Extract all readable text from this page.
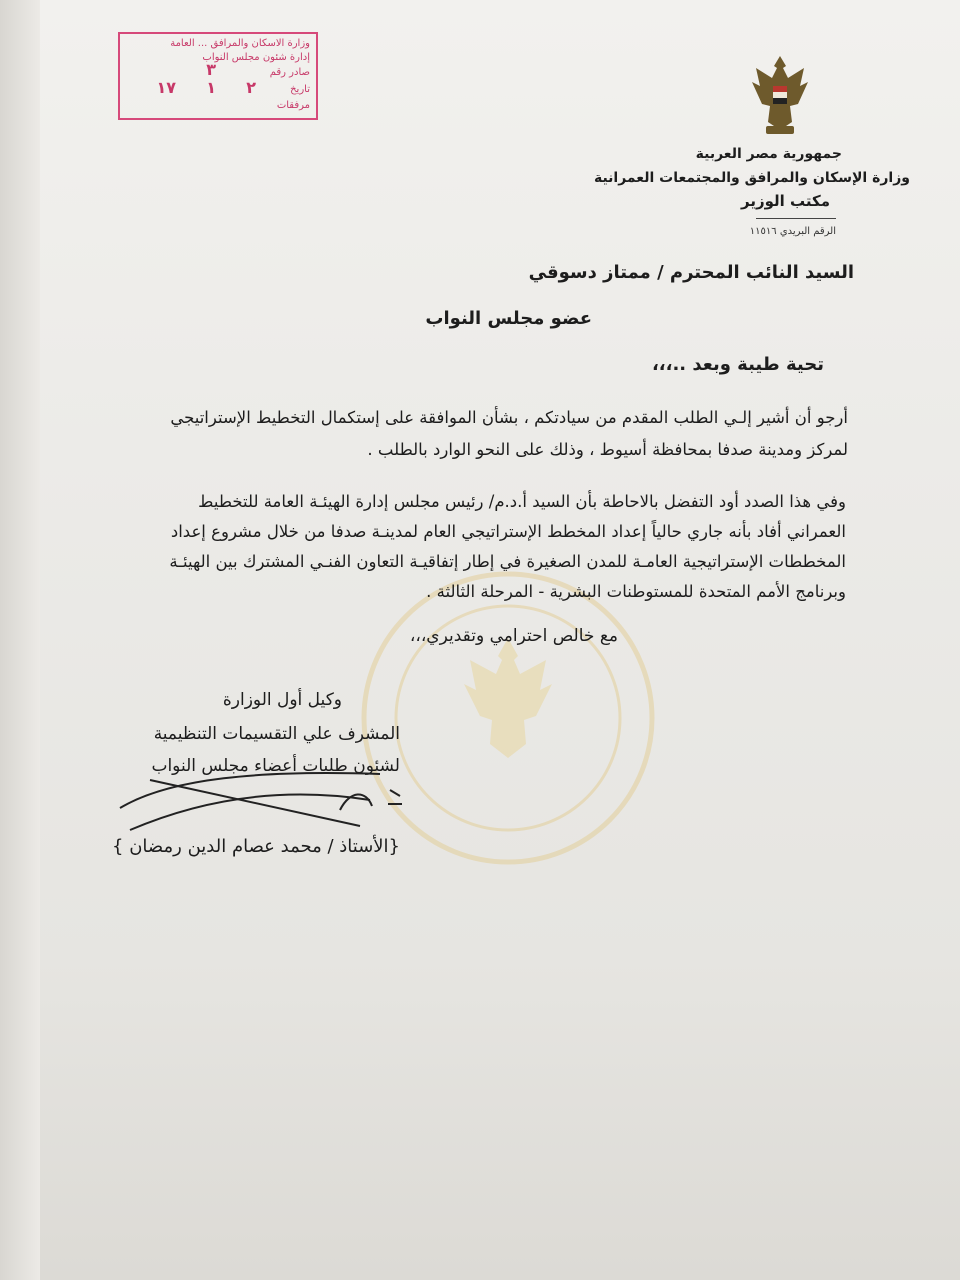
وزارة الاسكان والمرافق ... العامة
إدارة شئون مجلس النواب
صادر رقم
٣
تاريخ
٢
١
١٧
مرفقات
جمهورية مصر العربية
وزارة الإسكان والمرافق والمجتمعات العمرانية
مكتب الوزير
الرقم البريدي ١١٥١٦
السيد النائب المحترم / ممتاز دسوقي
عضو مجلس النواب
تحية طيبة وبعد ..،،،
أرجو أن أشير إلـي الطلب المقدم من سيادتكم ، بشأن الموافقة على إستكمال التخطيط الإستراتيجي
لمركز ومدينة صدفا بمحافظة أسيوط ، وذلك على النحو الوارد بالطلب .
وفي هذا الصدد أود التفضل بالاحاطة بأن السيد أ.د.م/ رئيس مجلس إدارة الهيئـة العامة للتخطيط
العمراني أفاد بأنه جاري حالياً إعداد المخطط الإستراتيجي العام لمدينـة صدفا من خلال مشروع إعداد
المخططات الإستراتيجية العامـة للمدن الصغيرة في إطار إتفاقيـة التعاون الفنـي المشترك بين الهيئـة
وبرنامج الأمم المتحدة للمستوطنات البشرية - المرحلة الثالثة .
مع خالص احترامي وتقديري،،،
وكيل أول الوزارة
المشرف علي التقسيمات التنظيمية
لشئون طلبات أعضاء مجلس النواب
{الأستاذ / محمد عصام الدين رمضان }
